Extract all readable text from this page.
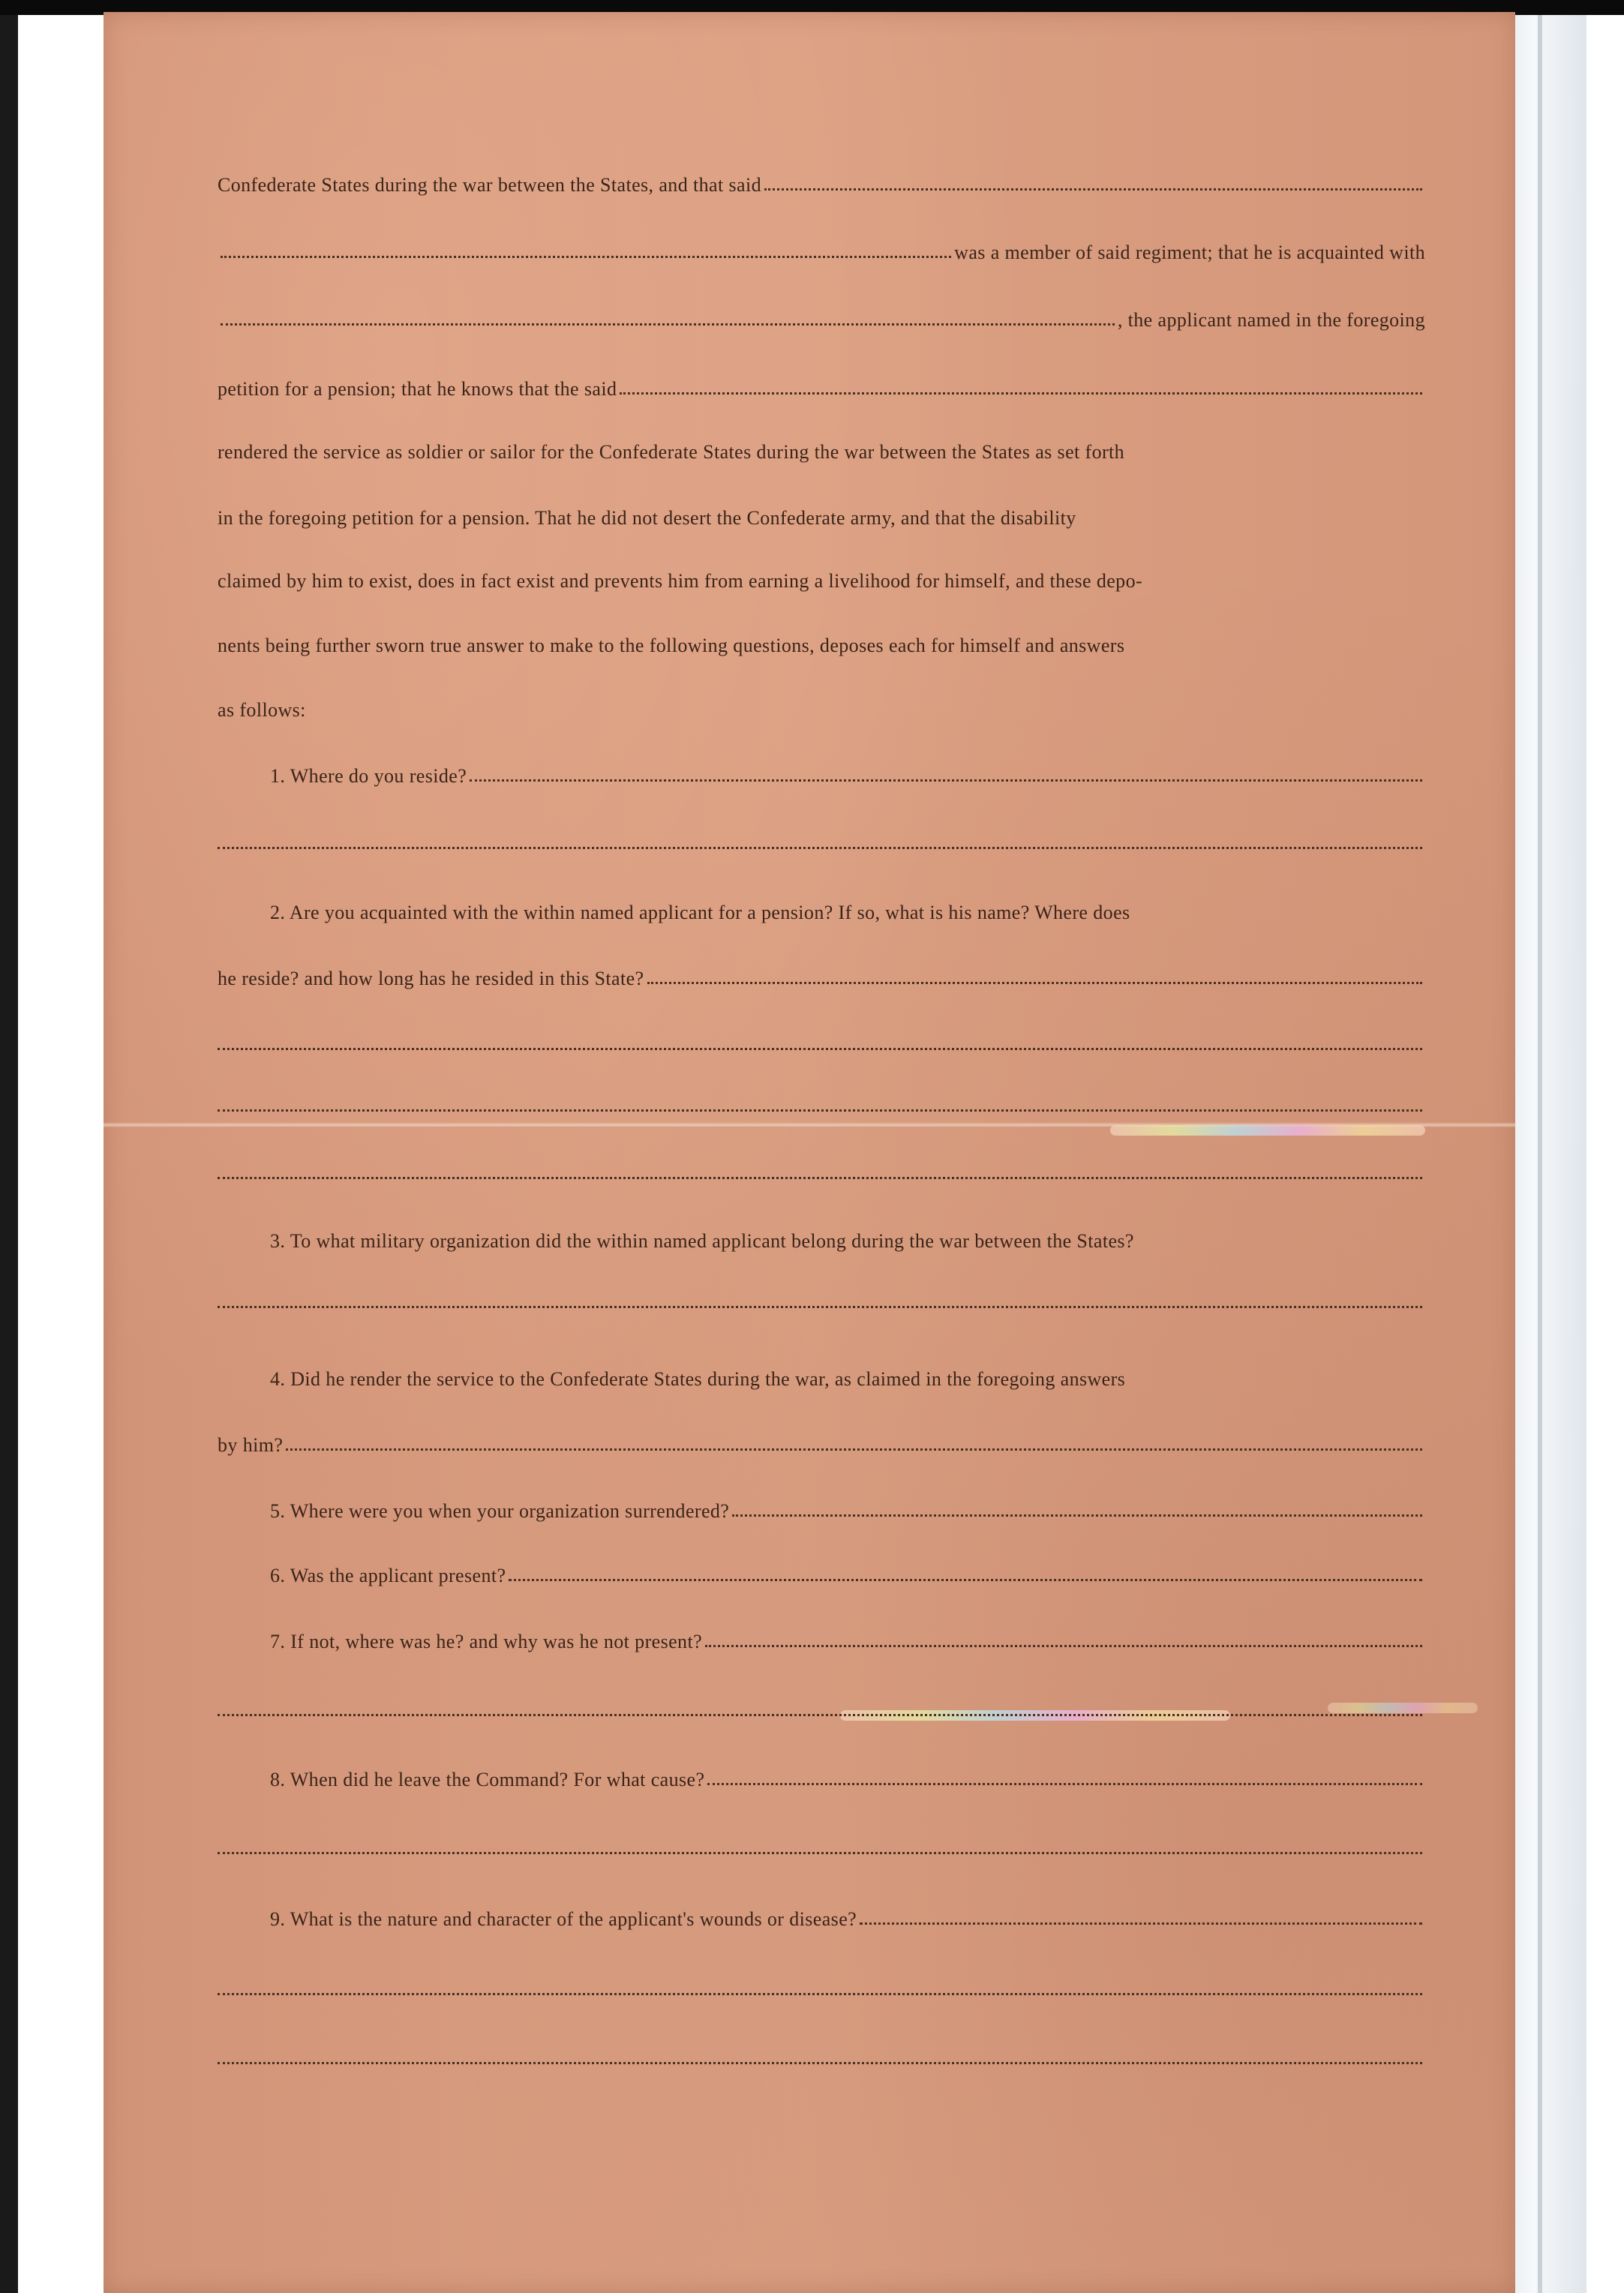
Confederate States during the war between the States, and that said
was a member of said regiment; that he is acquainted with
, the applicant named in the foregoing
petition for a pension; that he knows that the said
rendered the service as soldier or sailor for the Confederate States during the war between the States as set forth
in the foregoing petition for a pension. That he did not desert the Confederate army, and that the disability
claimed by him to exist, does in fact exist and prevents him from earning a livelihood for himself, and these depo-
nents being further sworn true answer to make to the following questions, deposes each for himself and answers
as follows:
1. Where do you reside?
2. Are you acquainted with the within named applicant for a pension? If so, what is his name? Where does
he reside? and how long has he resided in this State?
3. To what military organization did the within named applicant belong during the war between the States?
4. Did he render the service to the Confederate States during the war, as claimed in the foregoing answers
by him?
5. Where were you when your organization surrendered?
6. Was the applicant present?
7. If not, where was he? and why was he not present?
8. When did he leave the Command? For what cause?
9. What is the nature and character of the applicant's wounds or disease?
